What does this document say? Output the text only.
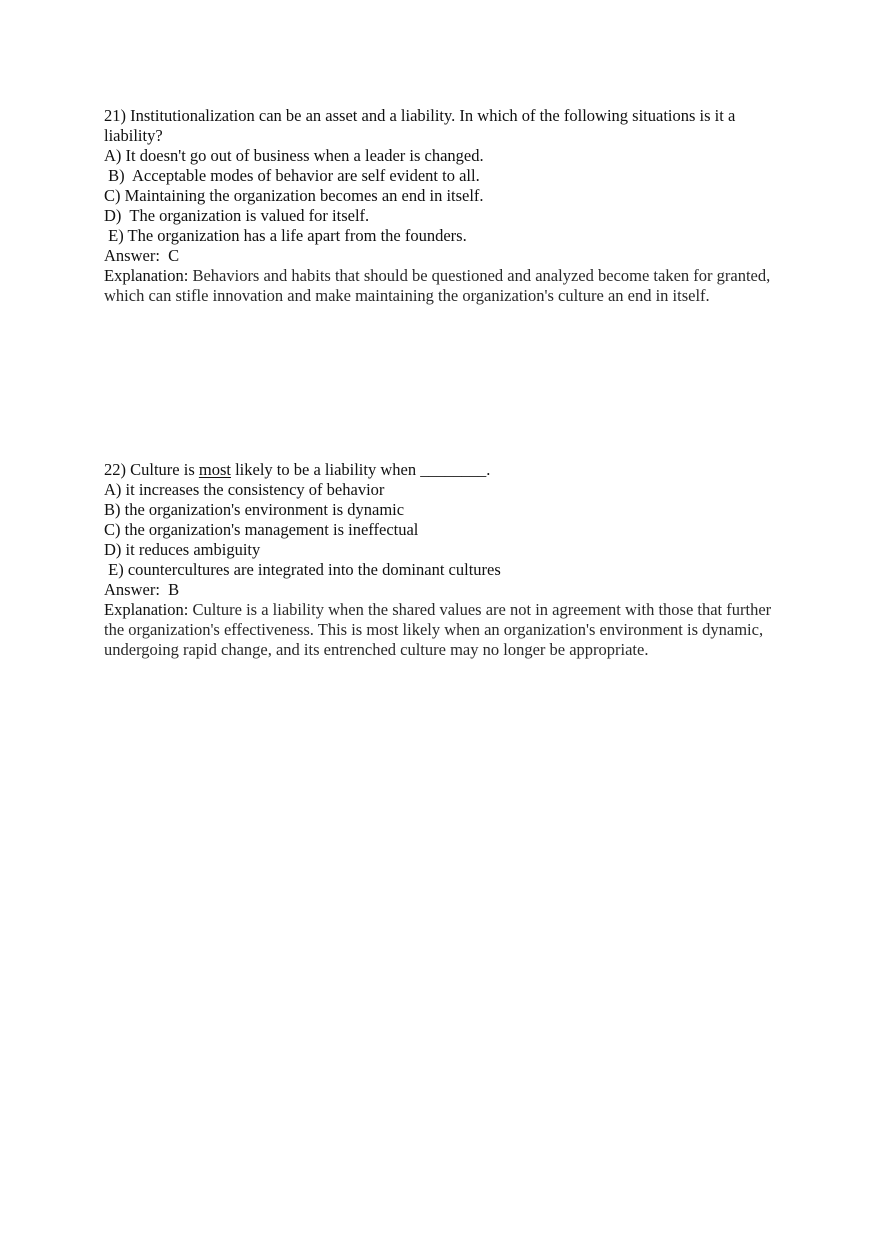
21) Institutionalization can be an asset and a liability. In which of the following situations is it a liability?
A) It doesn't go out of business when a leader is changed.
B)  Acceptable modes of behavior are self evident to all.
C) Maintaining the organization becomes an end in itself.
D)  The organization is valued for itself.
E) The organization has a life apart from the founders.
Answer:  C
Explanation: Behaviors and habits that should be questioned and analyzed become taken for granted, which can stifle innovation and make maintaining the organization's culture an end in itself.
22) Culture is most likely to be a liability when ________.
A) it increases the consistency of behavior
B) the organization's environment is dynamic
C) the organization's management is ineffectual
D) it reduces ambiguity
E) countercultures are integrated into the dominant cultures
Answer:  B
Explanation: Culture is a liability when the shared values are not in agreement with those that further the organization's effectiveness. This is most likely when an organization's environment is dynamic, undergoing rapid change, and its entrenched culture may no longer be appropriate.
